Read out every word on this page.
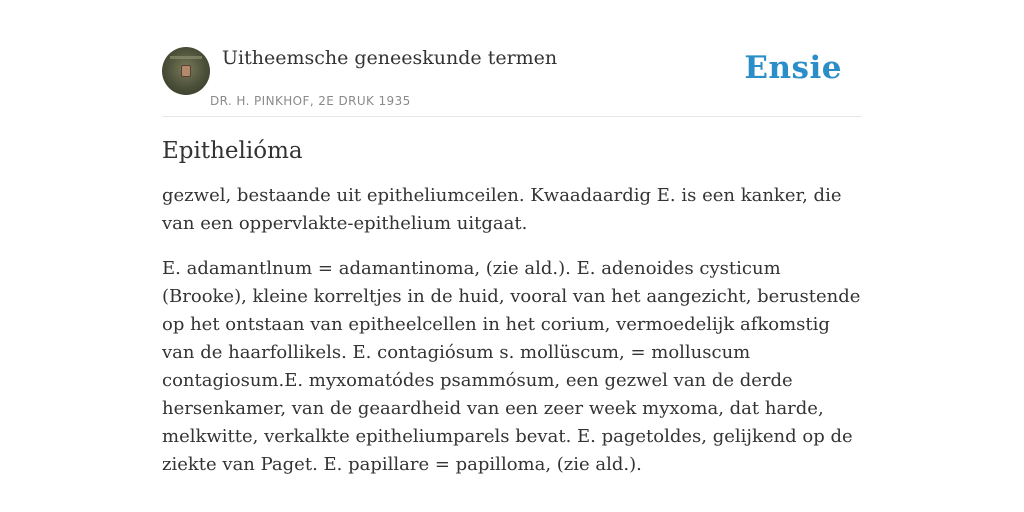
Uitheemsche geneeskunde termen
DR. H. PINKHOF, 2E DRUK 1935
Ensie
Epithelióma

gezwel, bestaande uit epitheliumceilen. Kwaadaardig E. is een kanker, die van een oppervlakte-epithelium uitgaat.

E. adamantlnum = adamantinoma, (zie ald.). E. adenoides cysticum (Brooke), kleine korreltjes in de huid, vooral van het aangezicht, berustende op het ontstaan van epitheelcellen in het corium, vermoedelijk afkomstig van de haarfollikels. E. contagiósum s. mollüscum, = molluscum contagiosum.E. myxomatódes psammósum, een gezwel van de derde hersenkamer, van de geaardheid van een zeer week myxoma, dat harde, melkwitte, verkalkte epitheliumparels bevat. E. pagetoldes, gelijkend op de ziekte van Paget. E. papillare = papilloma, (zie ald.).
